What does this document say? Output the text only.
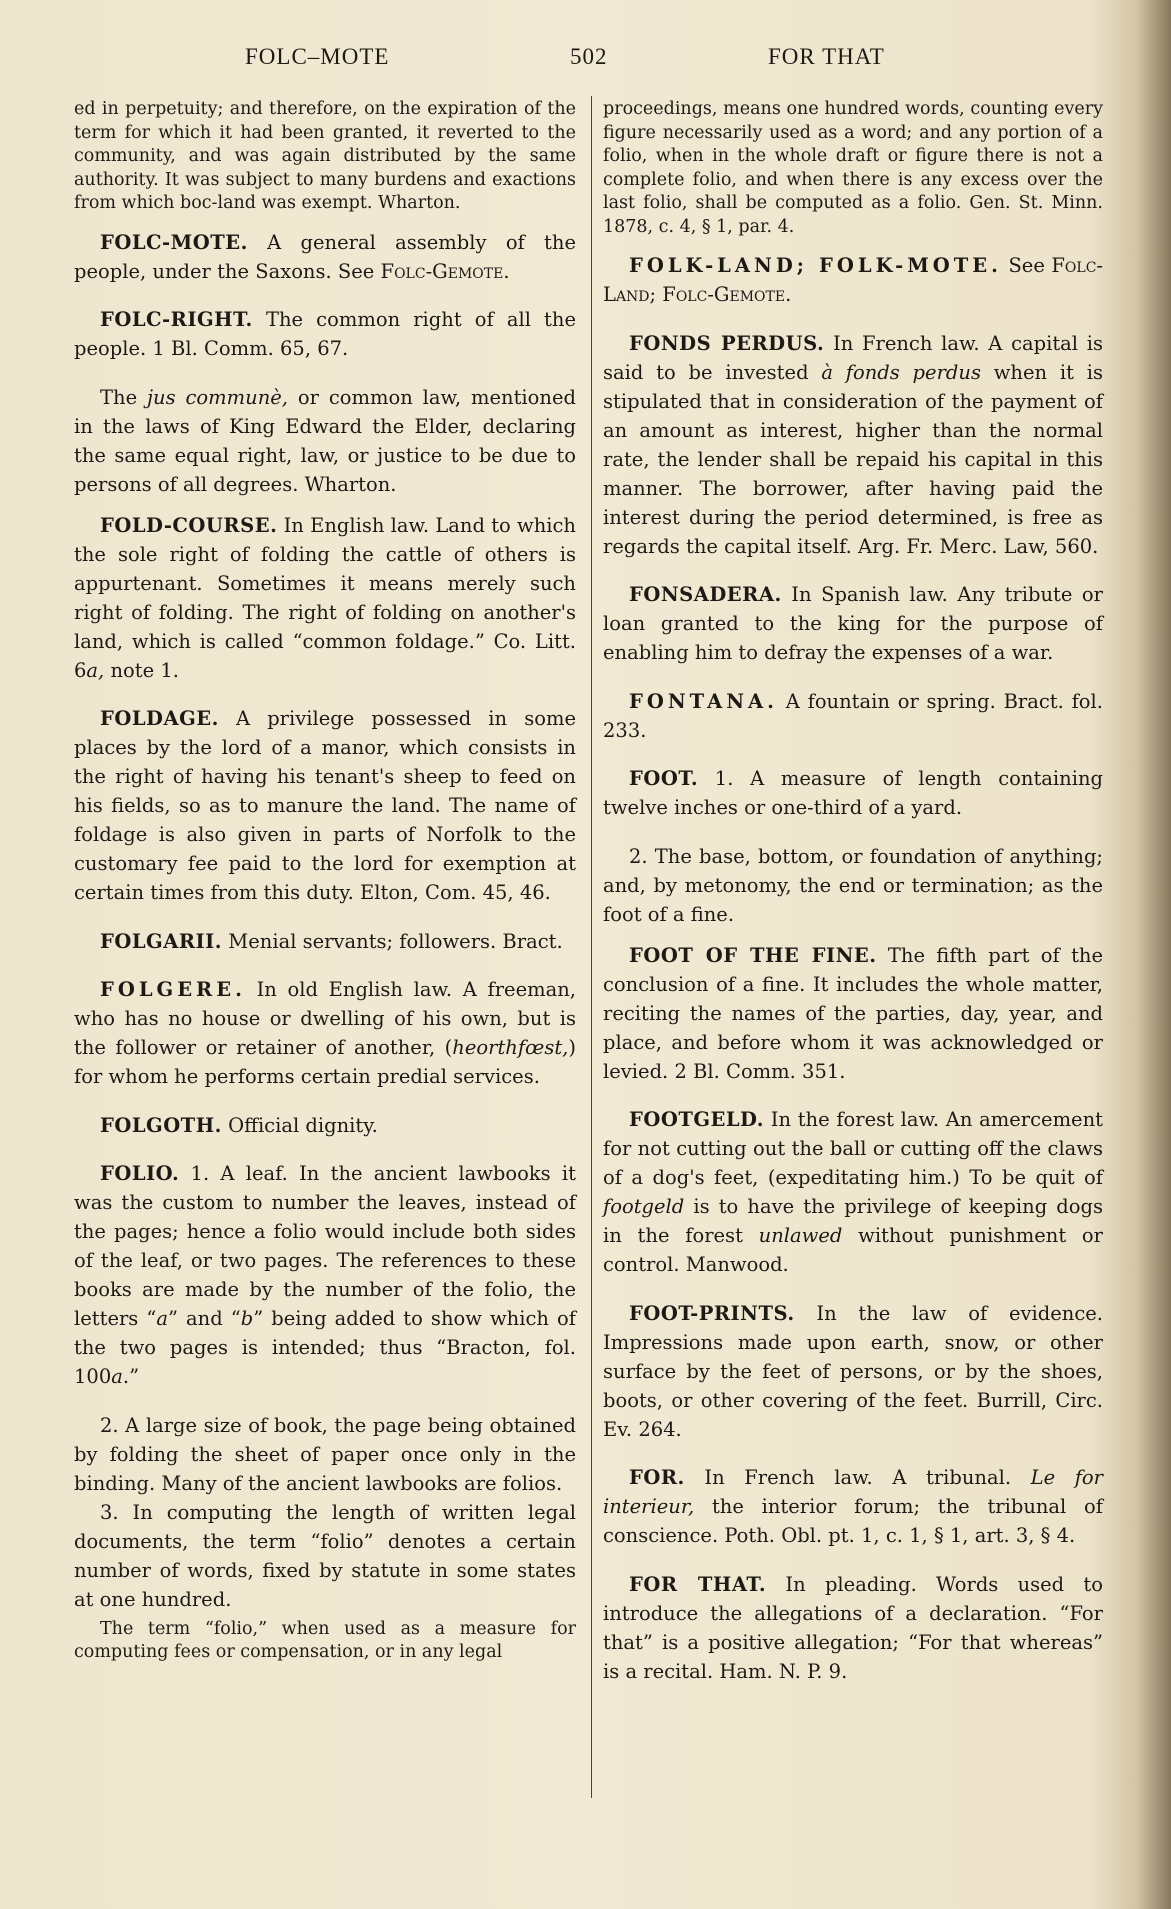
FOLC–MOTE	502	FOR THAT

ed in perpetuity; and therefore, on the expiration of the term for which it had been granted, it reverted to the community, and was again distributed by the same authority. It was subject to many burdens and exactions from which boc-land was exempt. Wharton.

FOLC-MOTE. A general assembly of the people, under the Saxons. See Folc-Gemote.

FOLC-RIGHT. The common right of all the people. 1 Bl. Comm. 65, 67.

The jus communè, or common law, mentioned in the laws of King Edward the Elder, declaring the same equal right, law, or justice to be due to persons of all degrees. Wharton.

FOLD-COURSE. In English law. Land to which the sole right of folding the cattle of others is appurtenant. Sometimes it means merely such right of folding. The right of folding on another's land, which is called “common foldage.” Co. Litt. 6a, note 1.

FOLDAGE. A privilege possessed in some places by the lord of a manor, which consists in the right of having his tenant's sheep to feed on his fields, so as to manure the land. The name of foldage is also given in parts of Norfolk to the customary fee paid to the lord for exemption at certain times from this duty. Elton, Com. 45, 46.

FOLGARII. Menial servants; followers. Bract.

FOLGERE. In old English law. A freeman, who has no house or dwelling of his own, but is the follower or retainer of another, (heorthfœst,) for whom he performs certain predial services.

FOLGOTH. Official dignity.

FOLIO. 1. A leaf. In the ancient lawbooks it was the custom to number the leaves, instead of the pages; hence a folio would include both sides of the leaf, or two pages. The references to these books are made by the number of the folio, the letters “a” and “b” being added to show which of the two pages is intended; thus “Bracton, fol. 100a.”

2. A large size of book, the page being obtained by folding the sheet of paper once only in the binding. Many of the ancient lawbooks are folios.

3. In computing the length of written legal documents, the term “folio” denotes a certain number of words, fixed by statute in some states at one hundred.

The term “folio,” when used as a measure for computing fees or compensation, or in any legal

proceedings, means one hundred words, counting every figure necessarily used as a word; and any portion of a folio, when in the whole draft or figure there is not a complete folio, and when there is any excess over the last folio, shall be computed as a folio. Gen. St. Minn. 1878, c. 4, § 1, par. 4.

FOLK-LAND; FOLK-MOTE. See Folc-Land; Folc-Gemote.

FONDS PERDUS. In French law. A capital is said to be invested à fonds perdus when it is stipulated that in consideration of the payment of an amount as interest, higher than the normal rate, the lender shall be repaid his capital in this manner. The borrower, after having paid the interest during the period determined, is free as regards the capital itself. Arg. Fr. Merc. Law, 560.

FONSADERA. In Spanish law. Any tribute or loan granted to the king for the purpose of enabling him to defray the expenses of a war.

FONTANA. A fountain or spring. Bract. fol. 233.

FOOT. 1. A measure of length containing twelve inches or one-third of a yard.

2. The base, bottom, or foundation of anything; and, by metonomy, the end or termination; as the foot of a fine.

FOOT OF THE FINE. The fifth part of the conclusion of a fine. It includes the whole matter, reciting the names of the parties, day, year, and place, and before whom it was acknowledged or levied. 2 Bl. Comm. 351.

FOOTGELD. In the forest law. An amercement for not cutting out the ball or cutting off the claws of a dog's feet, (expeditating him.) To be quit of footgeld is to have the privilege of keeping dogs in the forest unlawed without punishment or control. Manwood.

FOOT-PRINTS. In the law of evidence. Impressions made upon earth, snow, or other surface by the feet of persons, or by the shoes, boots, or other covering of the feet. Burrill, Circ. Ev. 264.

FOR. In French law. A tribunal. Le for interieur, the interior forum; the tribunal of conscience. Poth. Obl. pt. 1, c. 1, § 1, art. 3, § 4.

FOR THAT. In pleading. Words used to introduce the allegations of a declaration. “For that” is a positive allegation; “For that whereas” is a recital. Ham. N. P. 9.
